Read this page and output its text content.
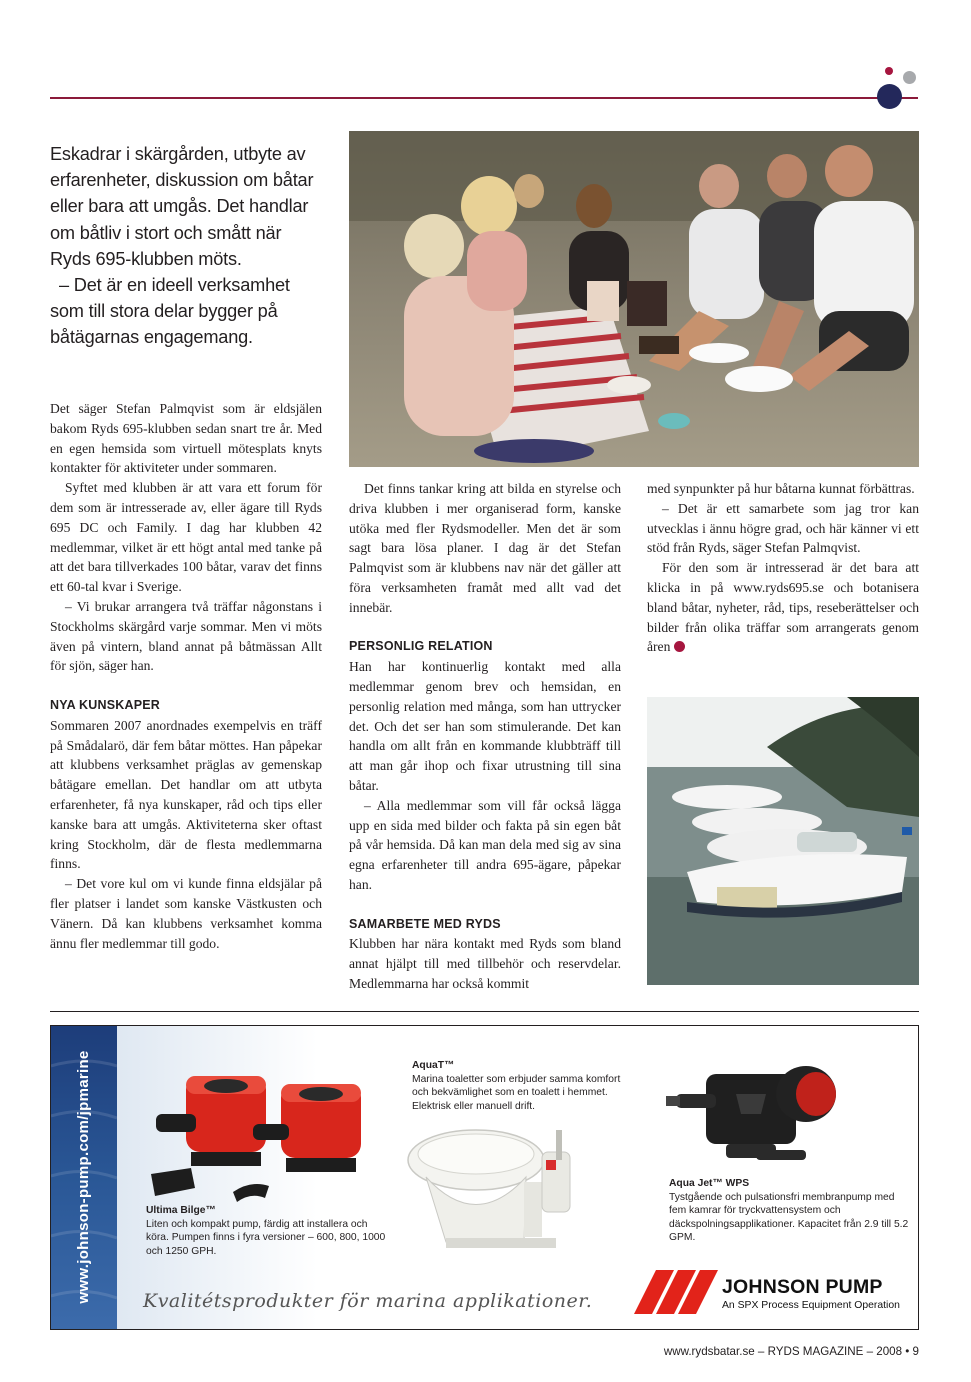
Eskadrar i skärgården, utbyte av erfarenheter, diskussion om båtar eller bara att umgås. Det handlar om båtliv i stort och smått när Ryds 695-klubben möts.

– Det är en ideell verksamhet som till stora delar bygger på båtägarnas engagemang.

Det säger Stefan Palmqvist som är eldsjälen bakom Ryds 695-klubben sedan snart tre år. Med en egen hemsida som virtuell mötesplats knyts kontakter för aktiviteter under sommaren.

Syftet med klubben är att vara ett forum för dem som är intresserade av, eller ägare till Ryds 695 DC och Family. I dag har klubben 42 medlemmar, vilket är ett högt antal med tanke på att det bara tillverkades 100 båtar, varav det finns ett 60-tal kvar i Sverige.

– Vi brukar arrangera två träffar någonstans i Stockholms skärgård varje sommar. Men vi möts även på vintern, bland annat på båtmässan Allt för sjön, säger han.

NYA KUNSKAPER

Sommaren 2007 anordnades exempelvis en träff på Smådalarö, där fem båtar möttes. Han påpekar att klubbens verksamhet präglas av gemenskap båtägare emellan. Det handlar om att utbyta erfarenheter, få nya kunskaper, råd och tips eller kanske bara att umgås. Aktiviteterna sker oftast kring Stockholm, där de flesta medlemmarna finns.

– Det vore kul om vi kunde finna eldsjälar på fler platser i landet som kanske Västkusten och Vänern. Då kan klubbens verksamhet komma ännu fler medlemmar till godo.

Det finns tankar kring att bilda en styrelse och driva klubben i mer organiserad form, kanske utöka med fler Rydsmodeller. Men det är som sagt bara lösa planer. I dag är det Stefan Palmqvist som är klubbens nav när det gäller att föra verksamheten framåt med allt vad det innebär.

PERSONLIG RELATION

Han har kontinuerlig kontakt med alla medlemmar genom brev och hemsidan, en personlig relation med många, som han uttrycker det. Och det ser han som stimulerande. Det kan handla om allt från en kommande klubbträff till att man går ihop och fixar utrustning till sina båtar.

– Alla medlemmar som vill får också lägga upp en sida med bilder och fakta på sin egen båt på vår hemsida. Då kan man dela med sig av sina egna erfarenheter till andra 695-ägare, påpekar han.

SAMARBETE MED RYDS

Klubben har nära kontakt med Ryds som bland annat hjälpt till med tillbehör och reservdelar. Medlemmarna har också kommit

med synpunkter på hur båtarna kunnat förbättras.

– Det är ett samarbete som jag tror kan utvecklas i ännu högre grad, och här känner vi ett stöd från Ryds, säger Stefan Palmqvist.

För den som är intresserad är det bara att klicka in på www.ryds695.se och botanisera bland båtar, nyheter, råd, tips, reseberättelser och bilder från olika träffar som arrangerats genom åren

www.johnson-pump.com/jpmarine	Ultima Bilge™
Liten och kompakt pump, färdig att installera och köra. Pumpen finns i fyra versioner – 600, 800, 1000 och 1250 GPH.
AquaT™
Marina toaletter som erbjuder samma komfort och bekvämlighet som en toalett i hemmet. Elektrisk eller manuell drift.
Aqua Jet™ WPS
Tystgående och pulsationsfri membranpump med fem kamrar för tryckvattensystem och däckspolningsapplikationer. Kapacitet från 2.9 till 5.2 GPM.
Kvalitétsprodukter för marina applikationer.
JOHNSON PUMP
An SPX Process Equipment Operation
www.rydsbatar.se – RYDS MAGAZINE – 2008 • 9
